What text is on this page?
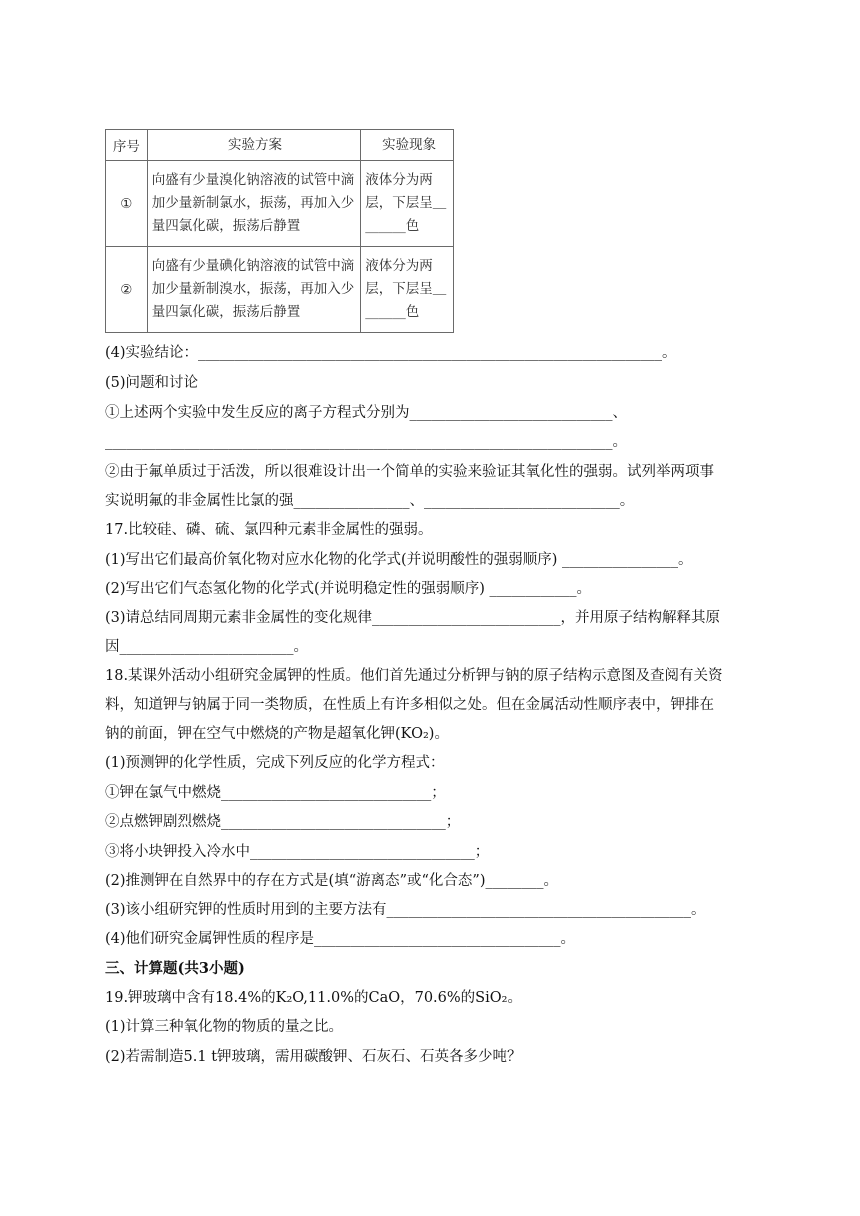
序号	实验方案	实验现象
①	向盛有少量溴化钠溶液的试管中滴加少量新制氯水，振荡，再加入少量四氯化碳，振荡后静置	液体分为两层，下层呈＿______色
②	向盛有少量碘化钠溶液的试管中滴加少量新制溴水，振荡，再加入少量四氯化碳，振荡后静置	液体分为两层，下层呈＿______色
(4)实验结论：________________________________________________________________。
(5)问题和讨论
①上述两个实验中发生反应的离子方程式分别为____________________________、
______________________________________________________________________。
②由于氟单质过于活泼，所以很难设计出一个简单的实验来验证其氧化性的强弱。试列举两项事
实说明氟的非金属性比氯的强________________、___________________________。
17.比较硅、磷、硫、氯四种元素非金属性的强弱。
(1)写出它们最高价氧化物对应水化物的化学式(并说明酸性的强弱顺序) ________________。
(2)写出它们气态氢化物的化学式(并说明稳定性的强弱顺序) ____________。
(3)请总结同周期元素非金属性的变化规律__________________________，并用原子结构解释其原
因________________________。
18.某课外活动小组研究金属钾的性质。他们首先通过分析钾与钠的原子结构示意图及查阅有关资
料，知道钾与钠属于同一类物质，在性质上有许多相似之处。但在金属活动性顺序表中，钾排在
钠的前面，钾在空气中燃烧的产物是超氧化钾(KO₂)。
(1)预测钾的化学性质，完成下列反应的化学方程式：
①钾在氯气中燃烧_____________________________；
②点燃钾剧烈燃烧_______________________________；
③将小块钾投入冷水中_______________________________；
(2)推测钾在自然界中的存在方式是(填“游离态”或“化合态”)________。
(3)该小组研究钾的性质时用到的主要方法有__________________________________________。
(4)他们研究金属钾性质的程序是__________________________________。
三、计算题(共3小题)
19.钾玻璃中含有18.4%的K₂O,11.0%的CaO，70.6%的SiO₂。
(1)计算三种氧化物的物质的量之比。
(2)若需制造5.1 t钾玻璃，需用碳酸钾、石灰石、石英各多少吨？
